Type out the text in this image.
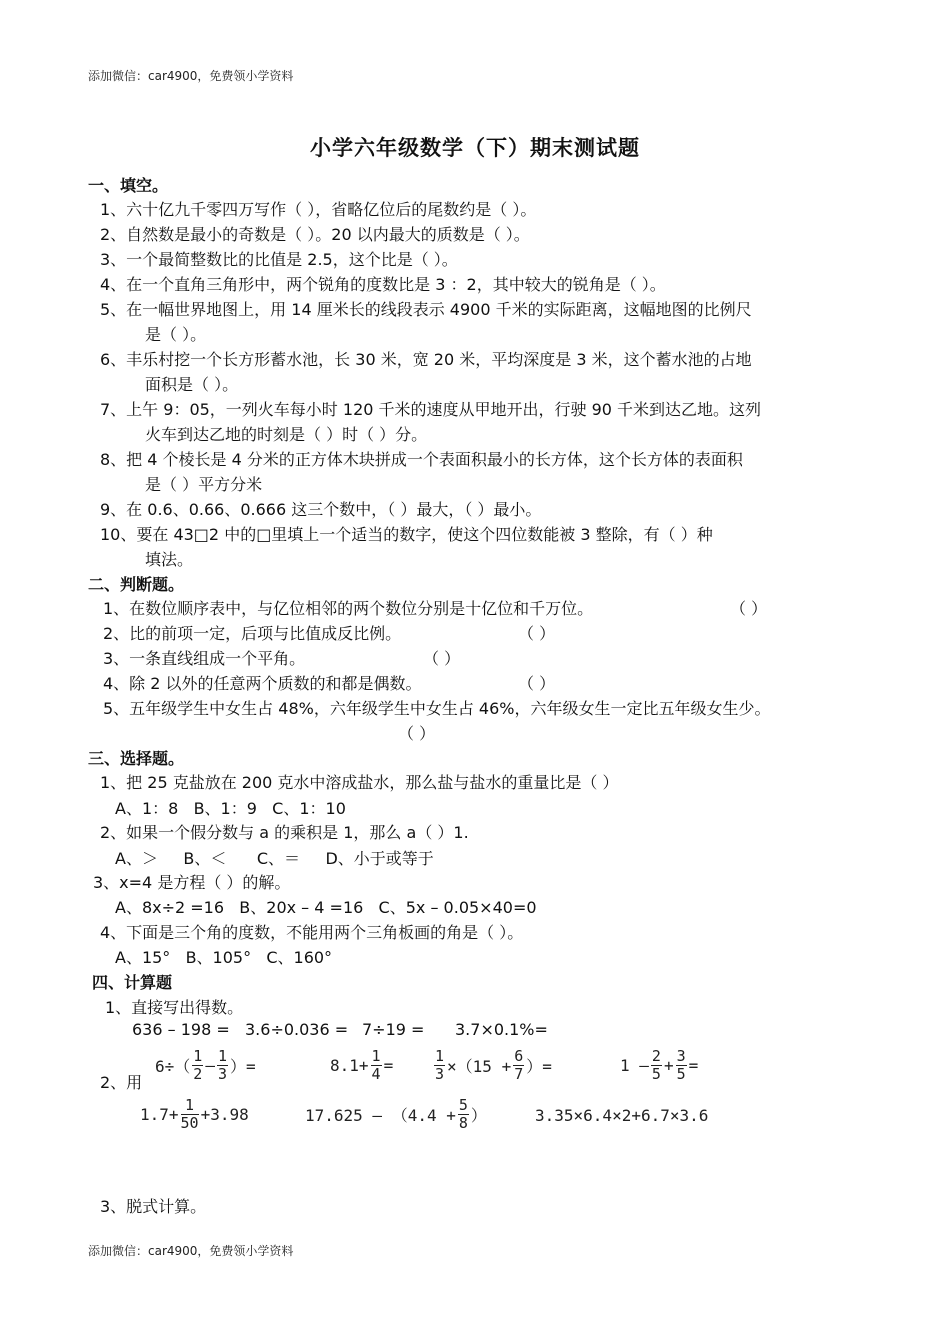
添加微信：car4900，免费领小学资料
小学六年级数学（下）期末测试题
一、填空。
1、六十亿九千零四万写作（ ），省略亿位后的尾数约是（ ）。
2、自然数是最小的奇数是（ ）。20 以内最大的质数是（ ）。
3、一个最简整数比的比值是 2.5，这个比是（ ）。
4、在一个直角三角形中，两个锐角的度数比是 3 ：2，其中较大的锐角是（ ）。
5、在一幅世界地图上，用 14 厘米长的线段表示 4900 千米的实际距离，这幅地图的比例尺
是（ ）。
6、丰乐村挖一个长方形蓄水池，长 30 米，宽 20 米，平均深度是 3 米，这个蓄水池的占地
面积是（ ）。
7、上午 9：05，一列火车每小时 120 千米的速度从甲地开出，行驶 90 千米到达乙地。这列
火车到达乙地的时刻是（ ）时（ ）分。
8、把 4 个棱长是 4 分米的正方体木块拼成一个表面积最小的长方体，这个长方体的表面积
是（ ）平方分米
9、在 0.6、0.66、0.666 这三个数中，（ ）最大，（ ）最小。
10、要在 43□2 中的□里填上一个适当的数字，使这个四位数能被 3 整除，有（ ）种
填法。
二、判断题。
1、在数位顺序表中，与亿位相邻的两个数位分别是十亿位和千万位。	（ ）
2、比的前项一定，后项与比值成反比例。	（ ）
3、一条直线组成一个平角。	（ ）
4、除 2 以外的任意两个质数的和都是偶数。	（ ）
5、五年级学生中女生占 48%，六年级学生中女生占 46%，六年级女生一定比五年级女生少。
（ ）
三、选择题。
1、把 25 克盐放在 200 克水中溶成盐水，那么盐与盐水的重量比是（ ）
A、1：8   B、1：9   C、1：10
2、如果一个假分数与 a 的乘积是 1，那么 a（ ）1.
A、＞     B、＜      C、＝     D、小于或等于
3、x=4 是方程（ ）的解。
A、8x÷2 =16   B、20x – 4 =16   C、5x – 0.05×40=0
4、下面是三个角的度数，不能用两个三角板画的角是（ ）。
A、15°   B、105°   C、160°
四、计算题
1、直接写出得数。
636 – 198 = 3.6÷0.036 = 7÷19 = 3.7×0.1%=
2、用
$6\div( \frac{1}{2} - \frac{1}{3}$ ）=	$8.1+ \frac{1}{4}$ =	$\frac{1}{3} \times(15 + \frac{6}{7}$ ）=	$1 - \frac{2}{5} + \frac{3}{5}$ =
$1.7+ \frac{1}{50} +3.98$	$17.625 - (4.4 + \frac{5}{8}$ ）	3.35×6.4×2+6.7×3.6
3、脱式计算。
添加微信：car4900，免费领小学资料
